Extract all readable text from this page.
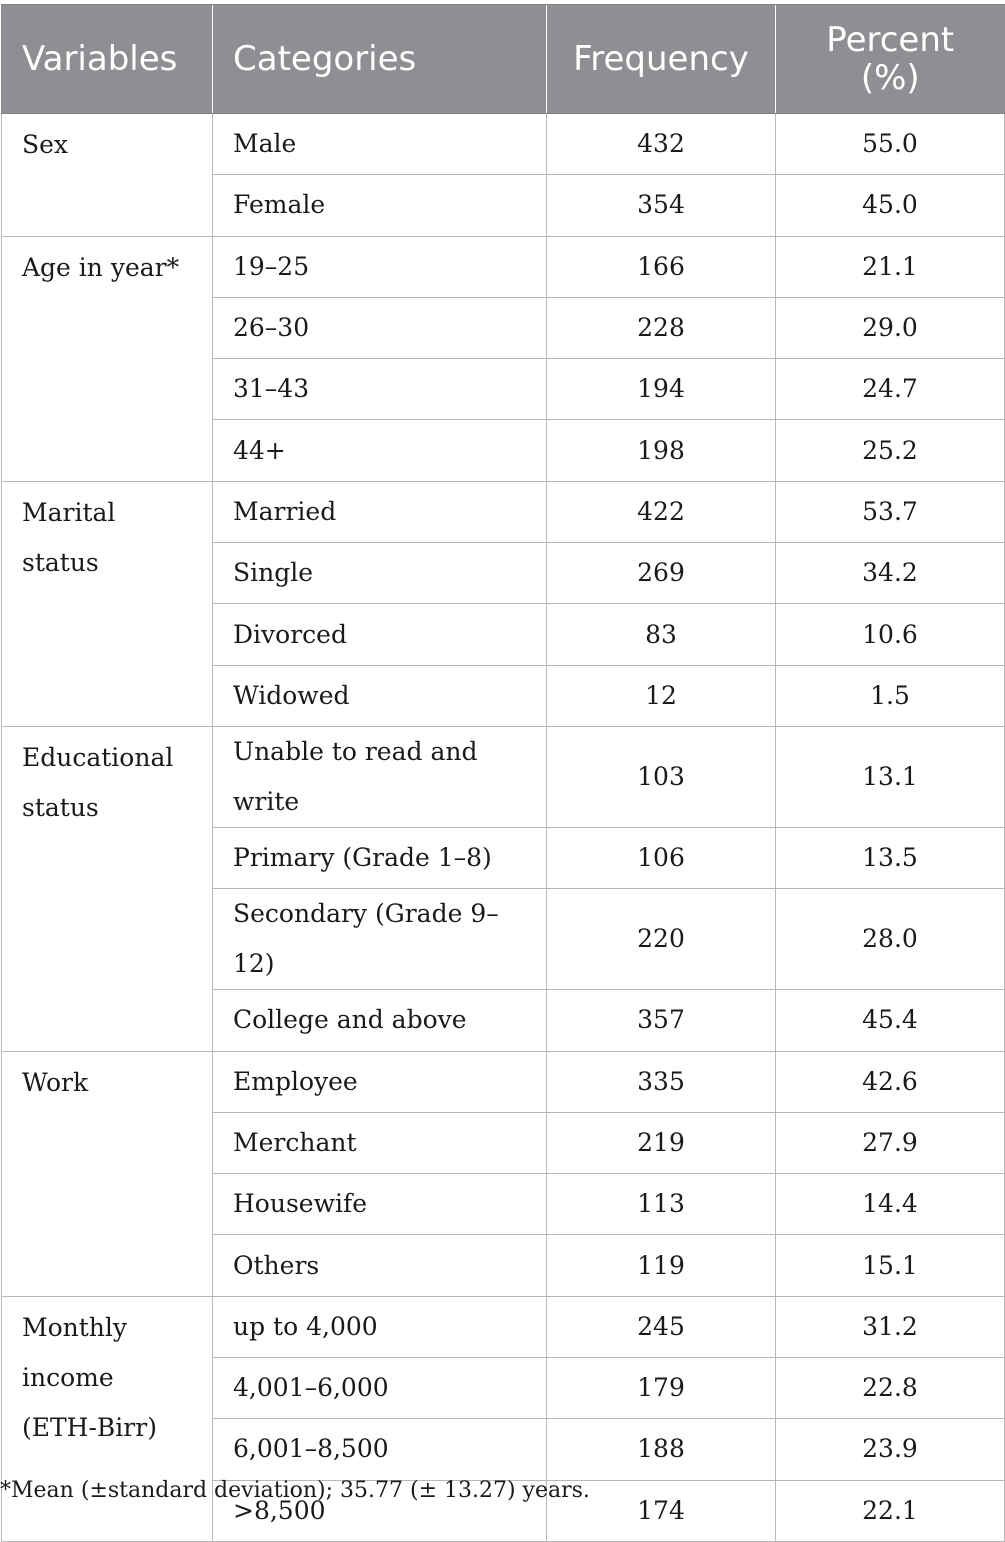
Variables	Categories	Frequency	Percent (%)
Sex	Male	432	55.0
	Female	354	45.0
Age in year*	19–25	166	21.1
	26–30	228	29.0
	31–43	194	24.7
	44+	198	25.2
Marital status	Married	422	53.7
	Single	269	34.2
	Divorced	83	10.6
	Widowed	12	1.5
Educational status	Unable to read and write	103	13.1
	Primary (Grade 1–8)	106	13.5
	Secondary (Grade 9–12)	220	28.0
	College and above	357	45.4
Work	Employee	335	42.6
	Merchant	219	27.9
	Housewife	113	14.4
	Others	119	15.1
Monthly income (ETH-Birr)	up to 4,000	245	31.2
	4,001–6,000	179	22.8
	6,001–8,500	188	23.9
	>8,500	174	22.1
*Mean (±standard deviation); 35.77 (± 13.27) years.
